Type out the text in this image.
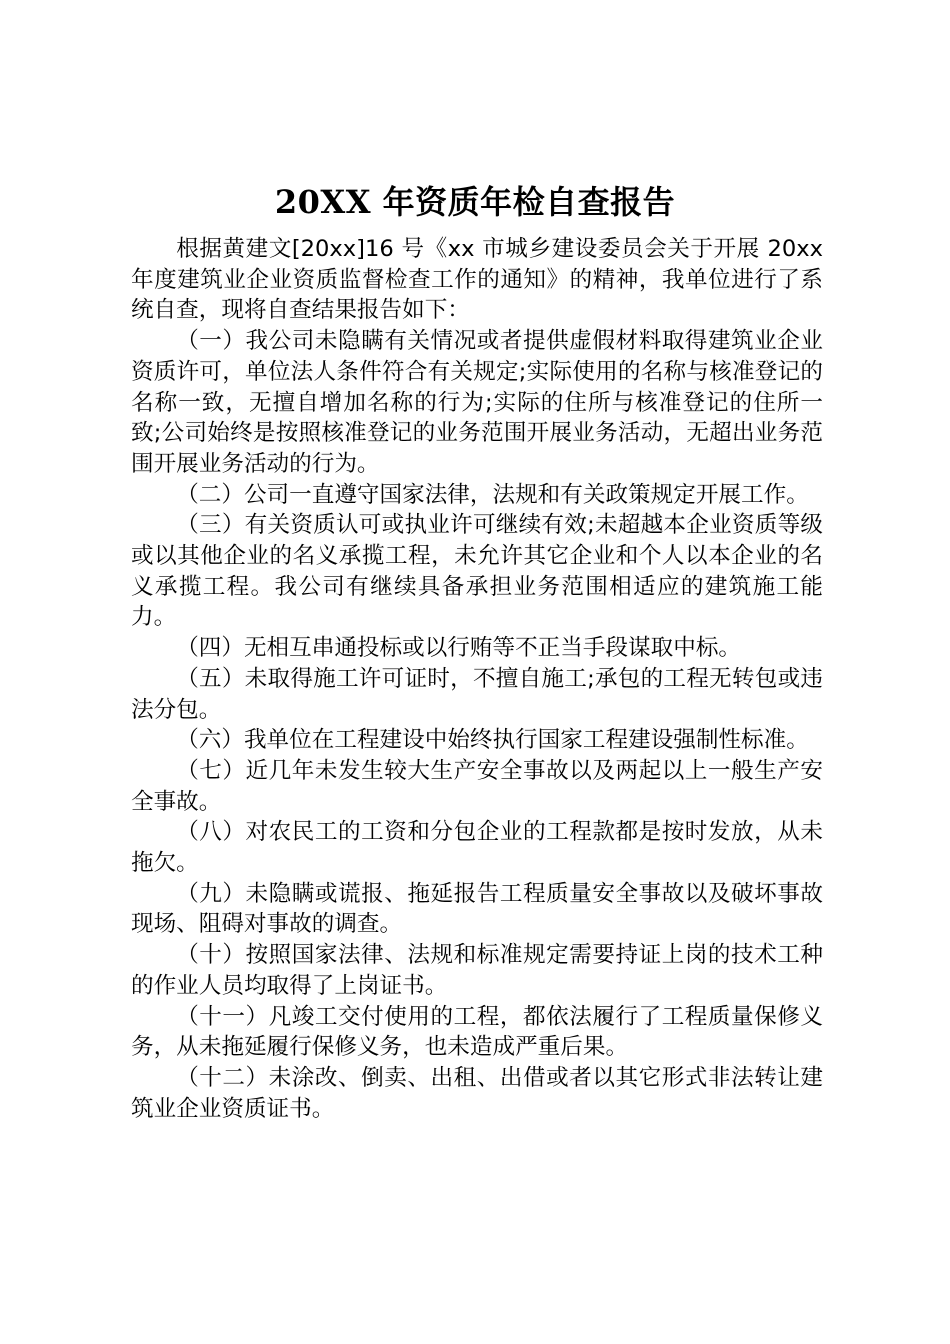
20XX 年资质年检自查报告

根据黄建文[20xx]16 号《xx 市城乡建设委员会关于开展 20xx 年度建筑业企业资质监督检查工作的通知》的精神，我单位进行了系统自查，现将自查结果报告如下：

（一）我公司未隐瞒有关情况或者提供虚假材料取得建筑业企业资质许可，单位法人条件符合有关规定;实际使用的名称与核准登记的名称一致，无擅自增加名称的行为;实际的住所与核准登记的住所一致;公司始终是按照核准登记的业务范围开展业务活动，无超出业务范围开展业务活动的行为。

（二）公司一直遵守国家法律，法规和有关政策规定开展工作。

（三）有关资质认可或执业许可继续有效;未超越本企业资质等级或以其他企业的名义承揽工程，未允许其它企业和个人以本企业的名义承揽工程。我公司有继续具备承担业务范围相适应的建筑施工能力。

（四）无相互串通投标或以行贿等不正当手段谋取中标。

（五）未取得施工许可证时，不擅自施工;承包的工程无转包或违法分包。

（六）我单位在工程建设中始终执行国家工程建设强制性标准。

（七）近几年未发生较大生产安全事故以及两起以上一般生产安全事故。

（八）对农民工的工资和分包企业的工程款都是按时发放，从未拖欠。

（九）未隐瞒或谎报、拖延报告工程质量安全事故以及破坏事故现场、阻碍对事故的调查。

（十）按照国家法律、法规和标准规定需要持证上岗的技术工种的作业人员均取得了上岗证书。

（十一）凡竣工交付使用的工程，都依法履行了工程质量保修义务，从未拖延履行保修义务，也未造成严重后果。

（十二）未涂改、倒卖、出租、出借或者以其它形式非法转让建筑业企业资质证书。
